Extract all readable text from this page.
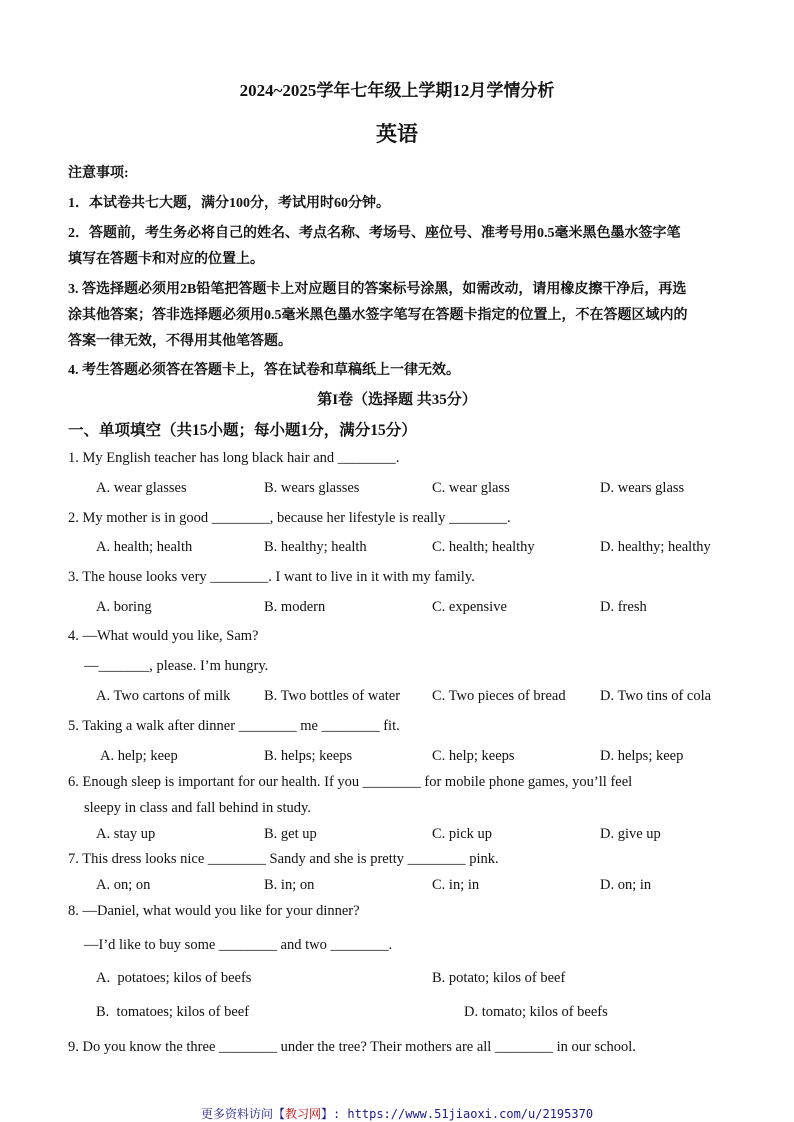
2024~2025学年七年级上学期12月学情分析
英语
注意事项:
1．本试卷共七大题，满分100分，考试用时60分钟。
2．答题前，考生务必将自己的姓名、考点名称、考场号、座位号、准考号用0.5毫米黑色墨水签字笔
填写在答题卡和对应的位置上。
3. 答选择题必须用2B铅笔把答题卡上对应题目的答案标号涂黑，如需改动，请用橡皮擦干净后，再选
涂其他答案；答非选择题必须用0.5毫米黑色墨水签字笔写在答题卡指定的位置上，不在答题区域内的
答案一律无效，不得用其他笔答题。
4. 考生答题必须答在答题卡上，答在试卷和草稿纸上一律无效。
第I卷（选择题 共35分）
一、单项填空（共15小题；每小题1分，满分15分）
1. My English teacher has long black hair and ________.
A. wear glasses	B. wears glasses	C. wear glass	D. wears glass
2. My mother is in good ________, because her lifestyle is really ________.
A. health; health	B. healthy; health	C. health; healthy	D. healthy; healthy
3. The house looks very ________. I want to live in it with my family.
A. boring	B. modern	C. expensive	D. fresh
4. —What would you like, Sam?
—_______, please. I’m hungry.
A. Two cartons of milk B. Two bottles of water C. Two pieces of bread D. Two tins of cola
5. Taking a walk after dinner ________ me ________ fit.
A. help; keep	B. helps; keeps	C. help; keeps	D. helps; keep
6. Enough sleep is important for our health. If you ________ for mobile phone games, you’ll feel
sleepy in class and fall behind in study.
A. stay up	B. get up	C. pick up	D. give up
7. This dress looks nice ________ Sandy and she is pretty ________ pink.
A. on; on	B. in; on	C. in; in	D. on; in
8. —Daniel, what would you like for your dinner?
—I’d like to buy some ________ and two ________.
A.  potatoes; kilos of beefs	B. potato; kilos of beef
B.  tomatoes; kilos of beef	D. tomato; kilos of beefs
9. Do you know the three ________ under the tree? Their mothers are all ________ in our school.
更多资料访问【教习网】: https://www.51jiaoxi.com/u/2195370
